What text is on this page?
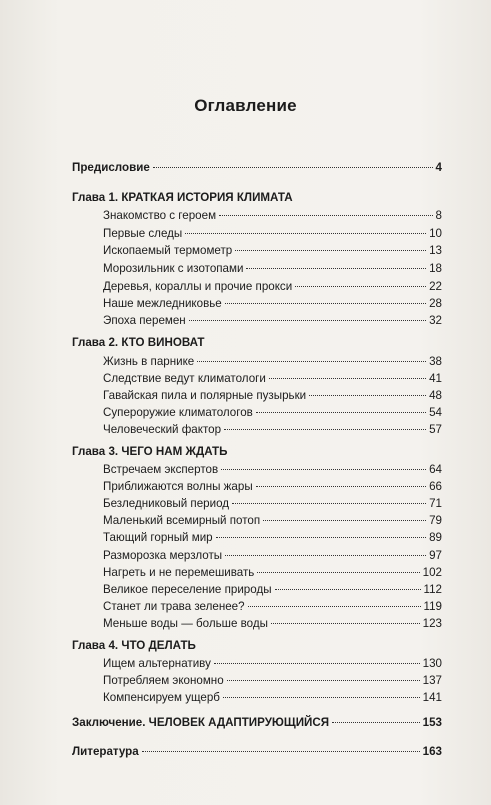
Оглавление
Предисловие	4
Глава 1. КРАТКАЯ ИСТОРИЯ КЛИМАТА
Знакомство с героем	8
Первые следы	10
Ископаемый термометр	13
Морозильник с изотопами	18
Деревья, кораллы и прочие прокси	22
Наше межледниковье	28
Эпоха перемен	32
Глава 2. КТО ВИНОВАТ
Жизнь в парнике	38
Следствие ведут климатологи	41
Гавайская пила и полярные пузырьки	48
Супероружие климатологов	54
Человеческий фактор	57
Глава 3. ЧЕГО НАМ ЖДАТЬ
Встречаем экспертов	64
Приближаются волны жары	66
Безледниковый период	71
Маленький всемирный потоп	79
Тающий горный мир	89
Разморозка мерзлоты	97
Нагреть и не перемешивать	102
Великое переселение природы	112
Станет ли трава зеленее?	119
Меньше воды — больше воды	123
Глава 4. ЧТО ДЕЛАТЬ
Ищем альтернативу	130
Потребляем экономно	137
Компенсируем ущерб	141
Заключение. ЧЕЛОВЕК АДАПТИРУЮЩИЙСЯ	153
Литература	163
